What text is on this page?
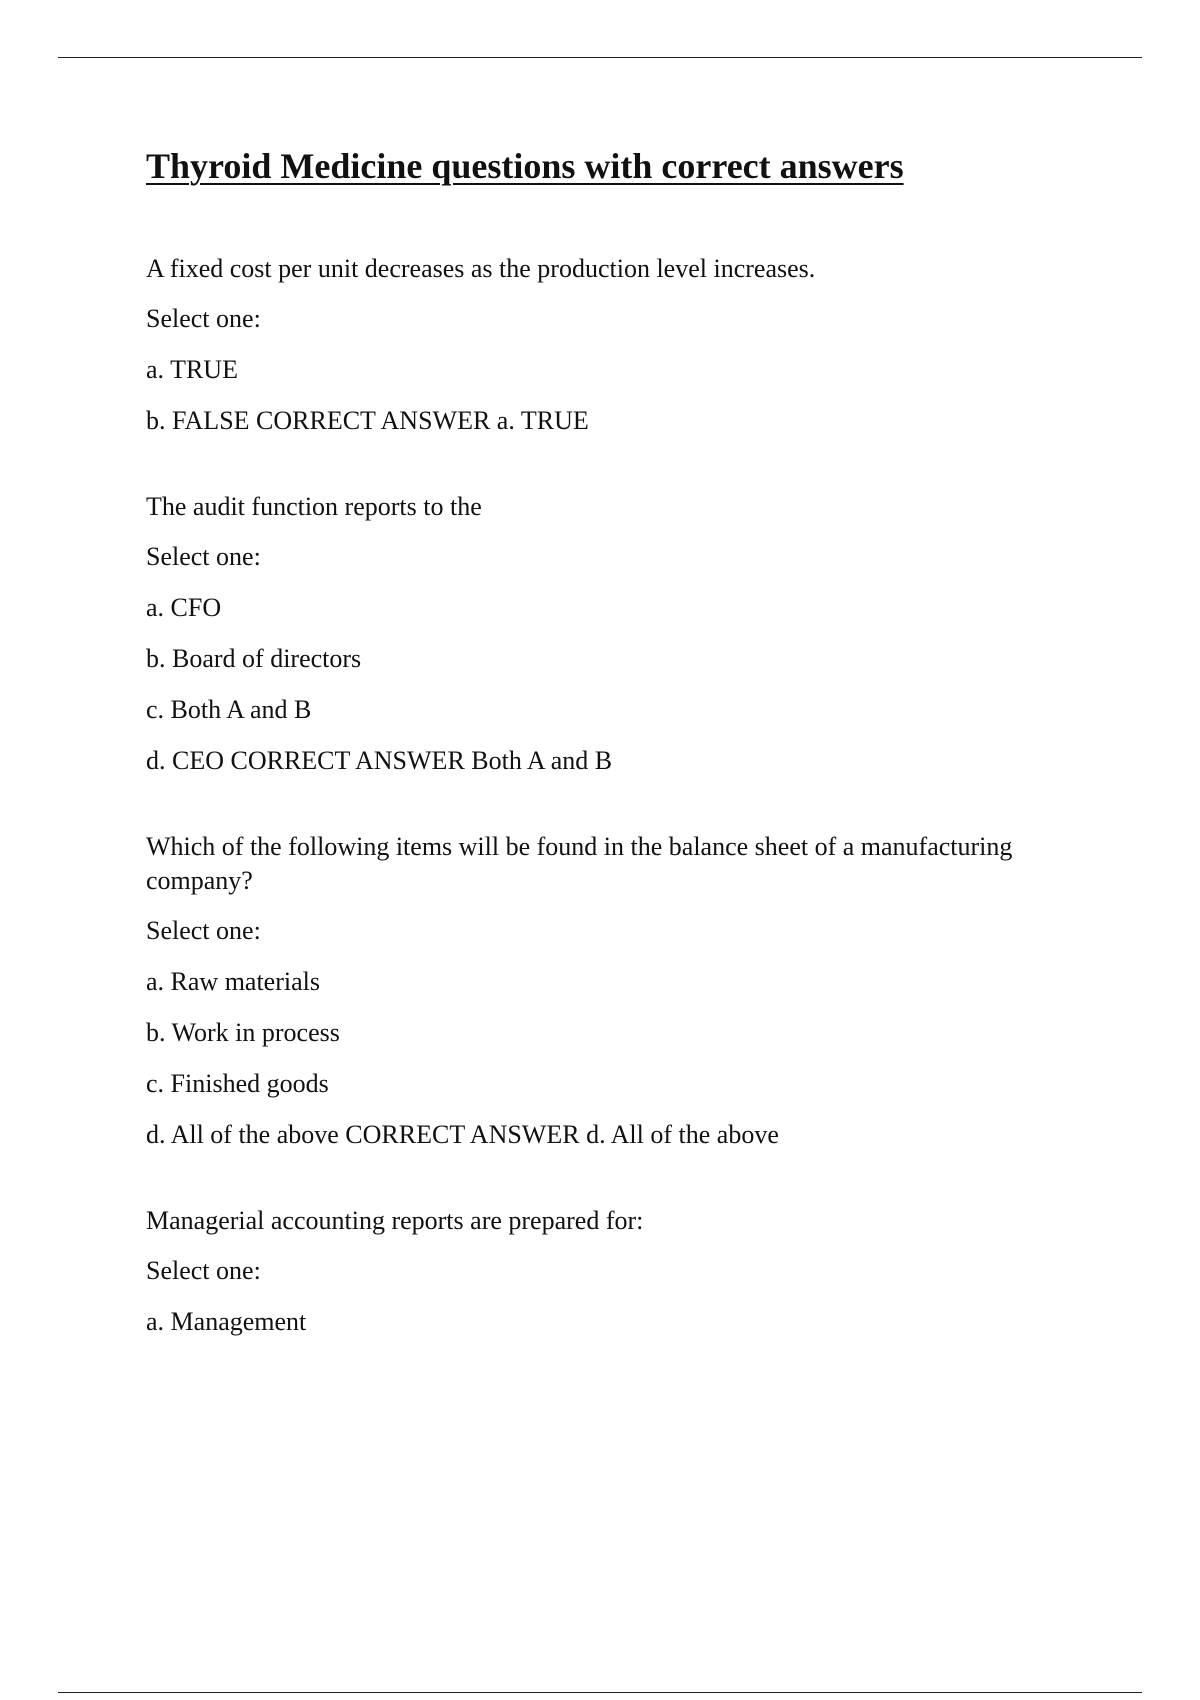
Thyroid Medicine questions with correct answers

A fixed cost per unit decreases as the production level increases.

Select one:

a. TRUE

b. FALSE CORRECT ANSWER a. TRUE

The audit function reports to the

Select one:

a. CFO

b. Board of directors

c. Both A and B

d. CEO CORRECT ANSWER Both A and B

Which of the following items will be found in the balance sheet of a manufacturing company?

Select one:

a. Raw materials

b. Work in process

c. Finished goods

d. All of the above CORRECT ANSWER d. All of the above

Managerial accounting reports are prepared for:

Select one:

a. Management
